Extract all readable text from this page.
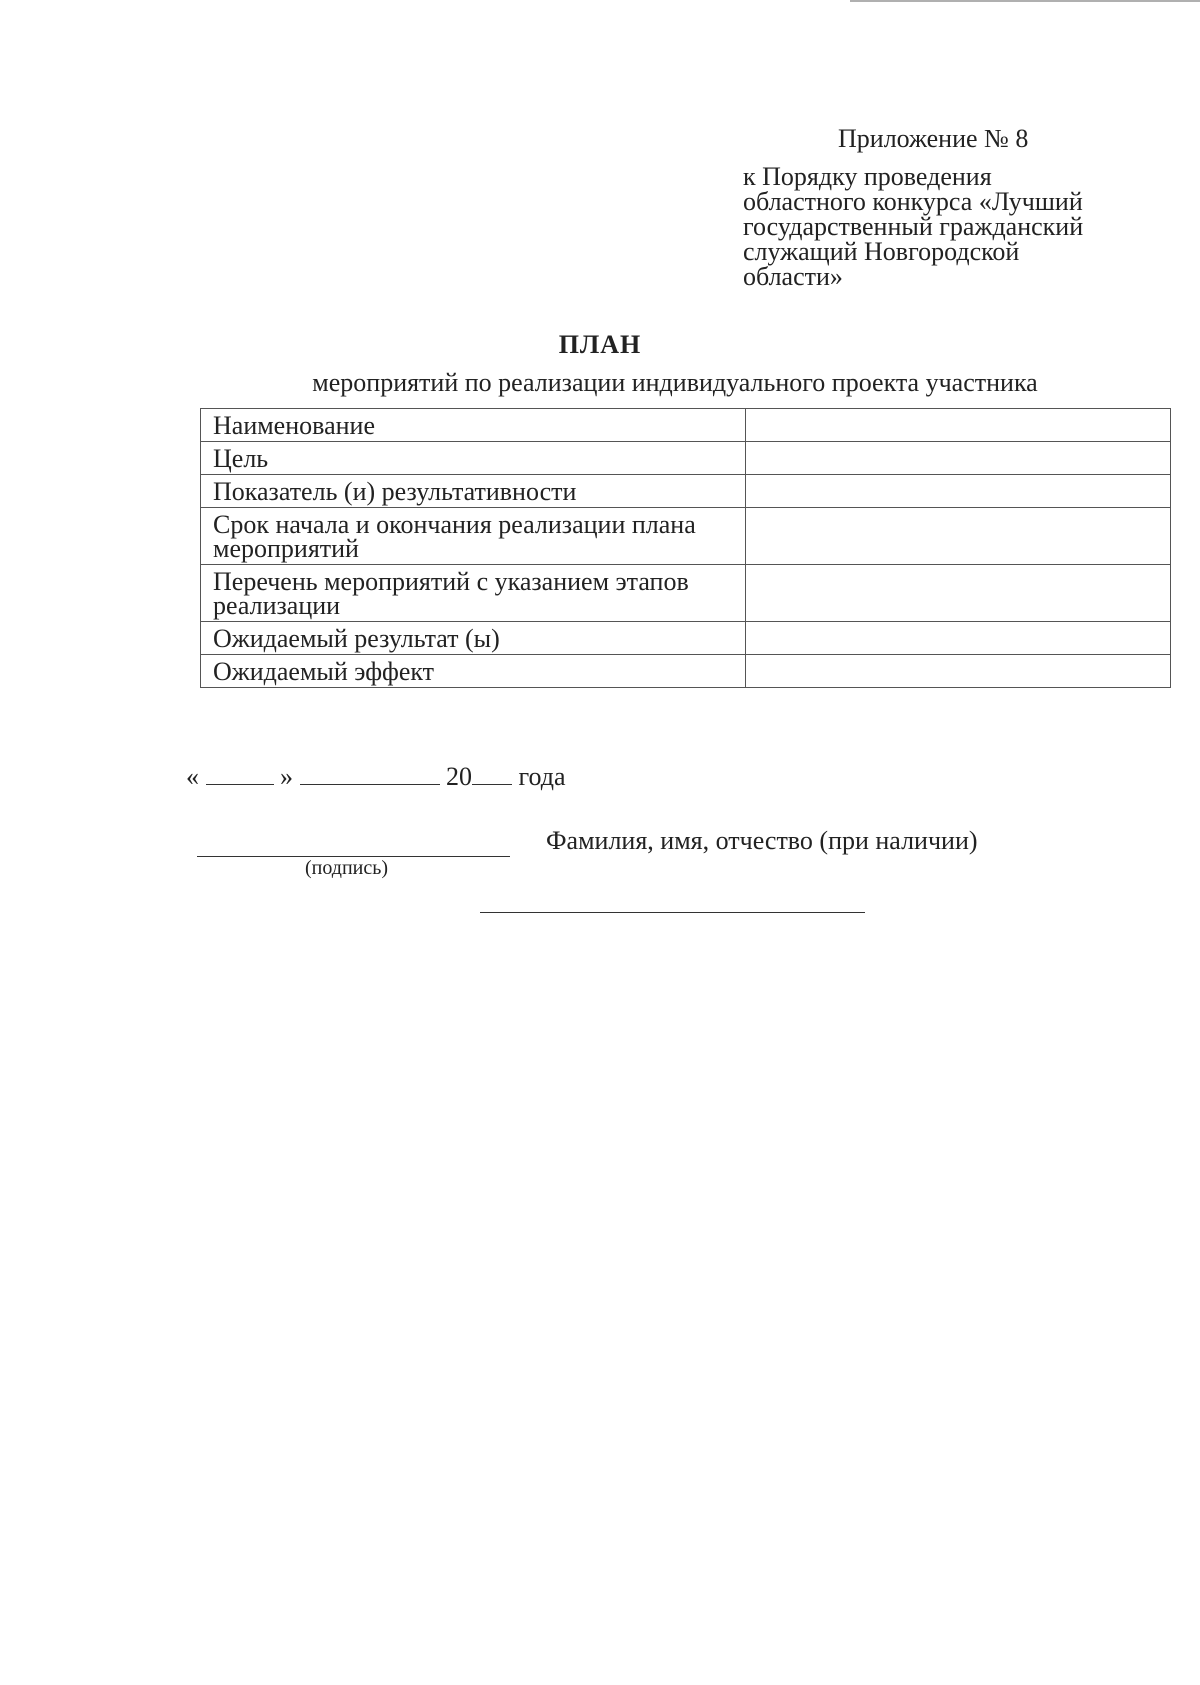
Приложение № 8
к Порядку проведения
областного конкурса «Лучший
государственный гражданский
служащий Новгородской
области»
ПЛАН
мероприятий по реализации индивидуального проекта участника
Наименование	
Цель	
Показатель (и) результативности	
Срок начала и окончания реализации плана мероприятий	
Перечень мероприятий с указанием этапов реализации	
Ожидаемый результат (ы)	
Ожидаемый эффект	
«	»	20 года
(подпись)
Фамилия, имя, отчество (при наличии)
